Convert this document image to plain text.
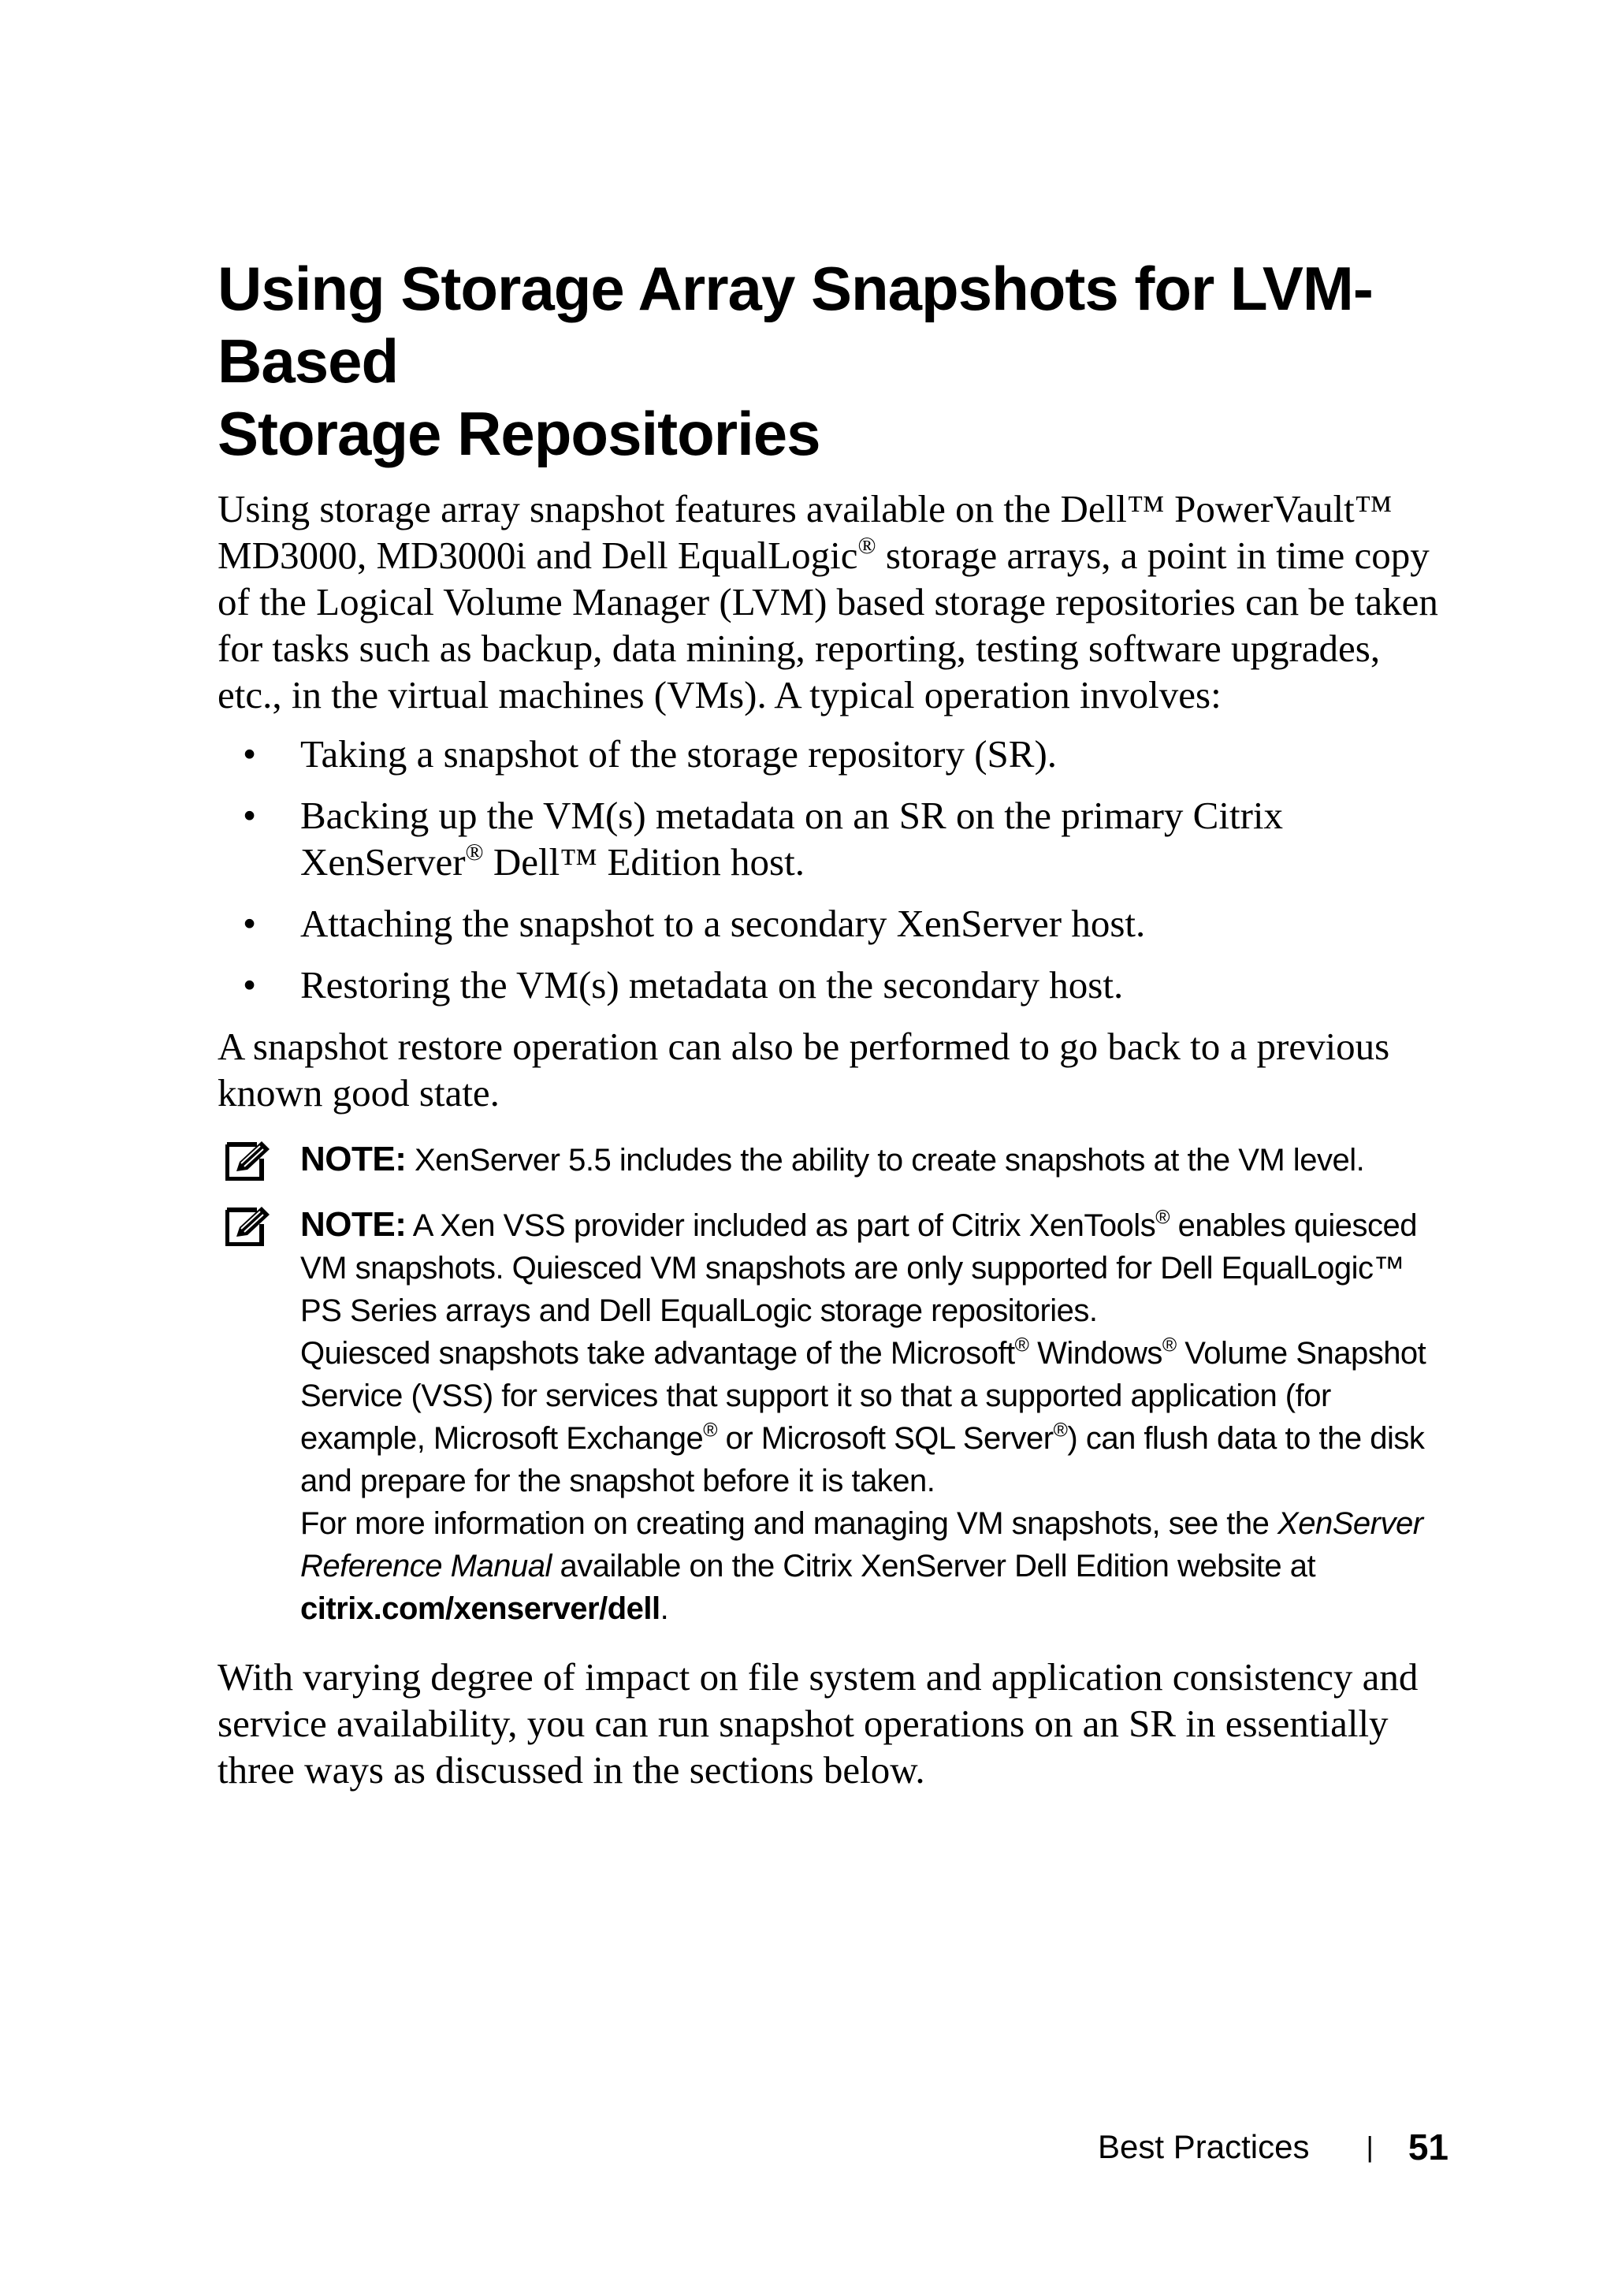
Using Storage Array Snapshots for LVM-Based
Storage Repositories

Using storage array snapshot features available on the Dell™ PowerVault™ MD3000, MD3000i and Dell EqualLogic® storage arrays, a point in time copy of the Logical Volume Manager (LVM) based storage repositories can be taken for tasks such as backup, data mining, reporting, testing software upgrades, etc., in the virtual machines (VMs). A typical operation involves:

• Taking a snapshot of the storage repository (SR).
• Backing up the VM(s) metadata on an SR on the primary Citrix XenServer® Dell™ Edition host.
• Attaching the snapshot to a secondary XenServer host.
• Restoring the VM(s) metadata on the secondary host.

A snapshot restore operation can also be performed to go back to a previous known good state.

NOTE: XenServer 5.5 includes the ability to create snapshots at the VM level.

NOTE: A Xen VSS provider included as part of Citrix XenTools® enables quiesced VM snapshots. Quiesced VM snapshots are only supported for Dell EqualLogic™ PS Series arrays and Dell EqualLogic storage repositories.

Quiesced snapshots take advantage of the Microsoft® Windows® Volume Snapshot Service (VSS) for services that support it so that a supported application (for example, Microsoft Exchange® or Microsoft SQL Server®) can flush data to the disk and prepare for the snapshot before it is taken.

For more information on creating and managing VM snapshots, see the XenServer Reference Manual available on the Citrix XenServer Dell Edition website at citrix.com/xenserver/dell.

With varying degree of impact on file system and application consistency and service availability, you can run snapshot operations on an SR in essentially three ways as discussed in the sections below.

Best Practices | 51
